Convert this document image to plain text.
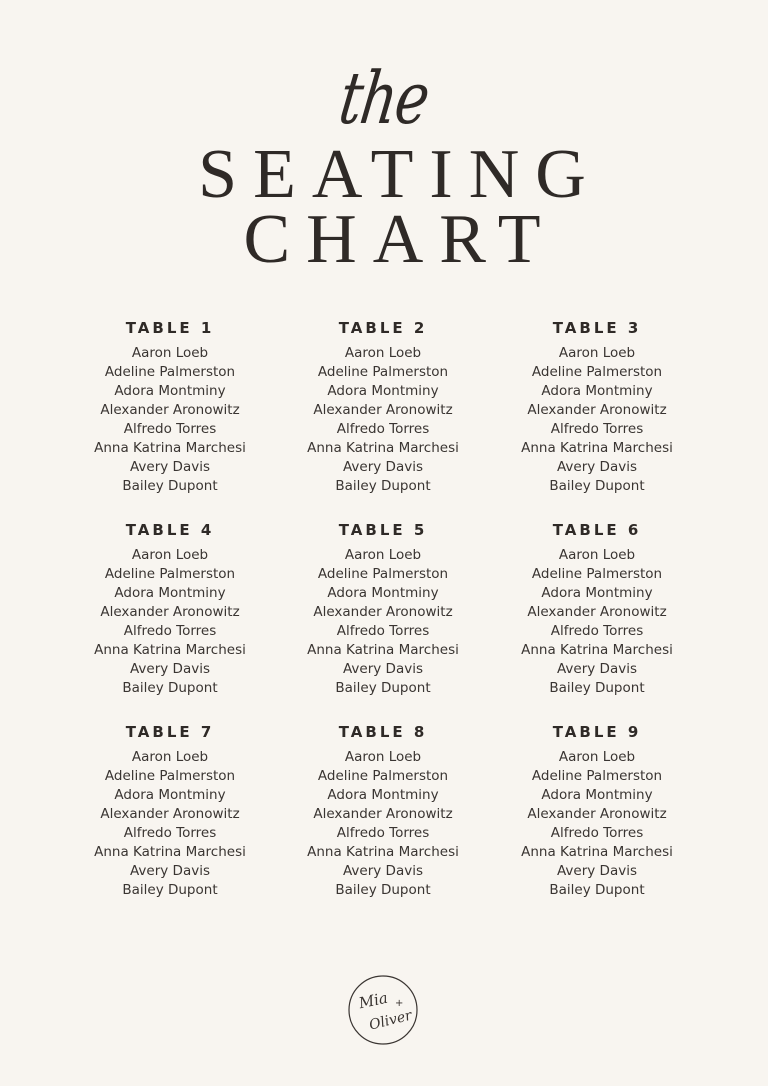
the
SEATING
CHART
TABLE 1
Aaron Loeb
Adeline Palmerston
Adora Montminy
Alexander Aronowitz
Alfredo Torres
Anna Katrina Marchesi
Avery Davis
Bailey Dupont
TABLE 2
Aaron Loeb
Adeline Palmerston
Adora Montminy
Alexander Aronowitz
Alfredo Torres
Anna Katrina Marchesi
Avery Davis
Bailey Dupont
TABLE 3
Aaron Loeb
Adeline Palmerston
Adora Montminy
Alexander Aronowitz
Alfredo Torres
Anna Katrina Marchesi
Avery Davis
Bailey Dupont
TABLE 4
Aaron Loeb
Adeline Palmerston
Adora Montminy
Alexander Aronowitz
Alfredo Torres
Anna Katrina Marchesi
Avery Davis
Bailey Dupont
TABLE 5
Aaron Loeb
Adeline Palmerston
Adora Montminy
Alexander Aronowitz
Alfredo Torres
Anna Katrina Marchesi
Avery Davis
Bailey Dupont
TABLE 6
Aaron Loeb
Adeline Palmerston
Adora Montminy
Alexander Aronowitz
Alfredo Torres
Anna Katrina Marchesi
Avery Davis
Bailey Dupont
TABLE 7
Aaron Loeb
Adeline Palmerston
Adora Montminy
Alexander Aronowitz
Alfredo Torres
Anna Katrina Marchesi
Avery Davis
Bailey Dupont
TABLE 8
Aaron Loeb
Adeline Palmerston
Adora Montminy
Alexander Aronowitz
Alfredo Torres
Anna Katrina Marchesi
Avery Davis
Bailey Dupont
TABLE 9
Aaron Loeb
Adeline Palmerston
Adora Montminy
Alexander Aronowitz
Alfredo Torres
Anna Katrina Marchesi
Avery Davis
Bailey Dupont
Mia +
Oliver
